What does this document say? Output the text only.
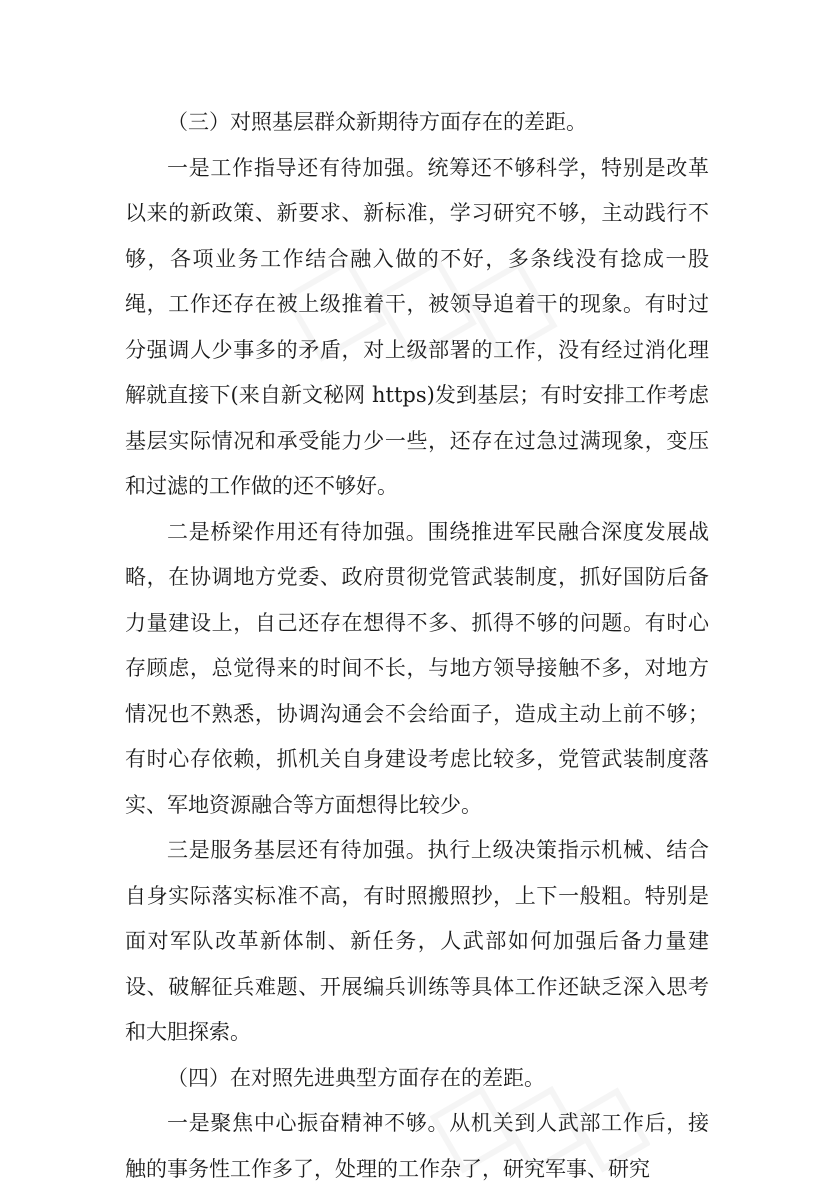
（三）对照基层群众新期待方面存在的差距。

一是工作指导还有待加强。统筹还不够科学，特别是改革以来的新政策、新要求、新标准，学习研究不够，主动践行不够，各项业务工作结合融入做的不好，多条线没有捻成一股绳，工作还存在被上级推着干，被领导追着干的现象。有时过分强调人少事多的矛盾，对上级部署的工作，没有经过消化理解就直接下(来自新文秘网 https)发到基层；有时安排工作考虑基层实际情况和承受能力少一些，还存在过急过满现象，变压和过滤的工作做的还不够好。

二是桥梁作用还有待加强。围绕推进军民融合深度发展战略，在协调地方党委、政府贯彻党管武装制度，抓好国防后备力量建设上，自己还存在想得不多、抓得不够的问题。有时心存顾虑，总觉得来的时间不长，与地方领导接触不多，对地方情况也不熟悉，协调沟通会不会给面子，造成主动上前不够；有时心存依赖，抓机关自身建设考虑比较多，党管武装制度落实、军地资源融合等方面想得比较少。

三是服务基层还有待加强。执行上级决策指示机械、结合自身实际落实标准不高，有时照搬照抄，上下一般粗。特别是面对军队改革新体制、新任务，人武部如何加强后备力量建设、破解征兵难题、开展编兵训练等具体工作还缺乏深入思考和大胆探索。

（四）在对照先进典型方面存在的差距。

一是聚焦中心振奋精神不够。从机关到人武部工作后，接触的事务性工作多了，处理的工作杂了，研究军事、研究
